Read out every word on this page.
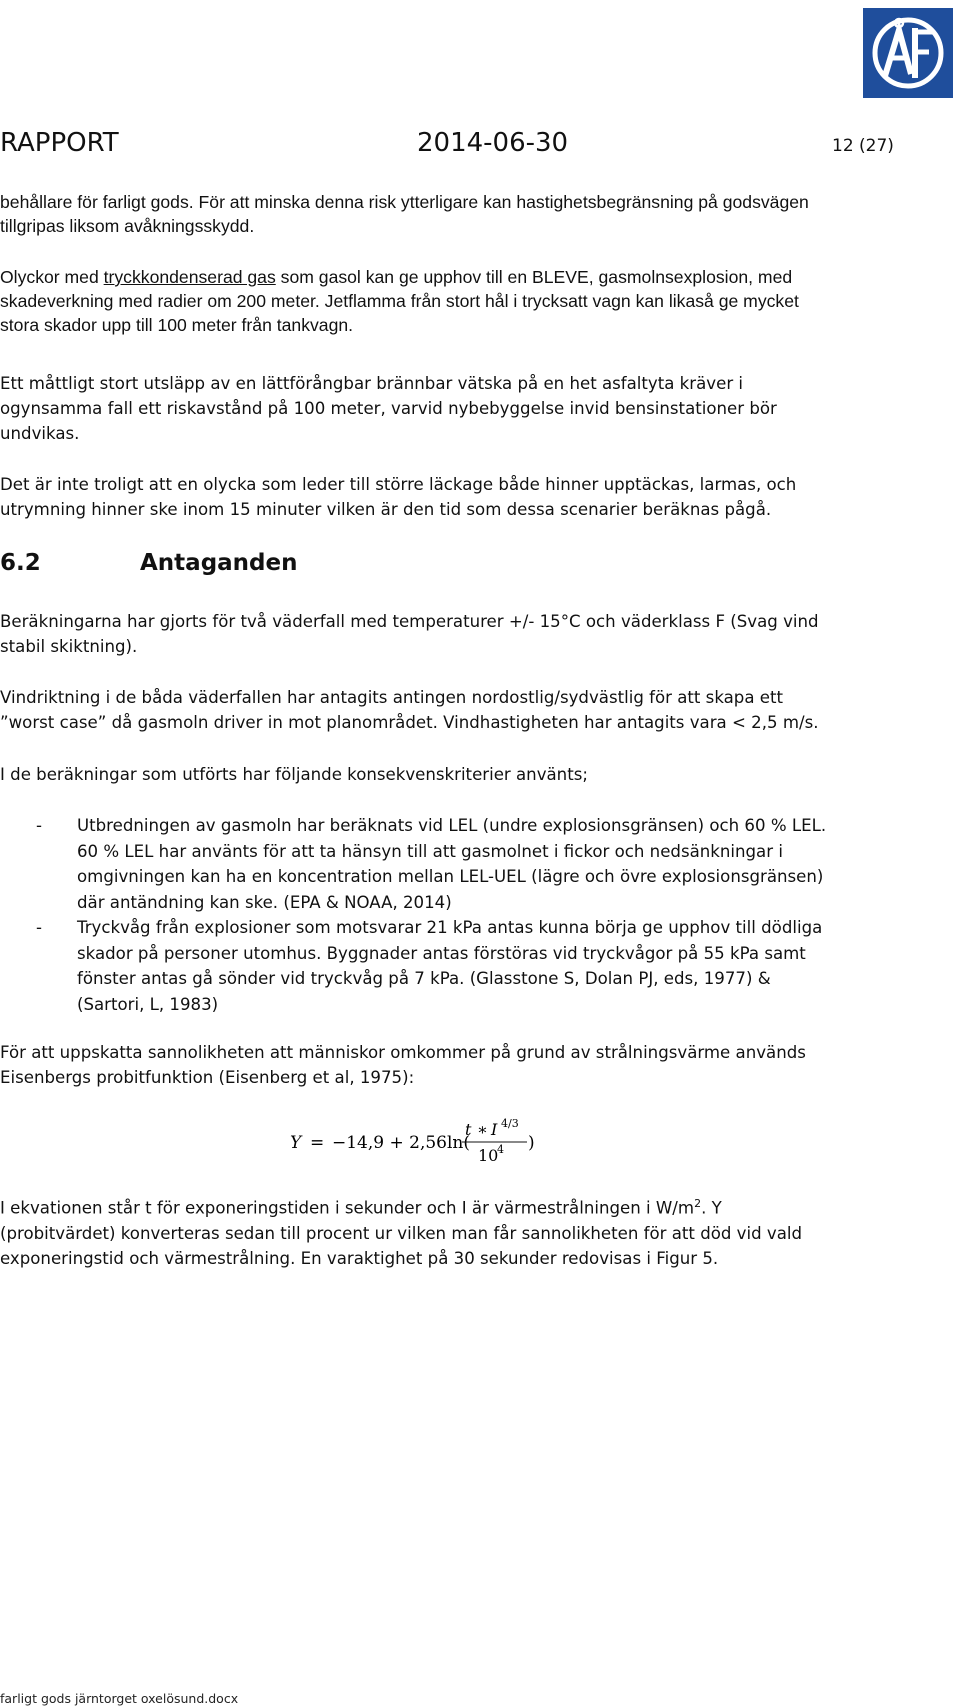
RAPPORT	2014-06-30	12 (27)

behållare för farligt gods. För att minska denna risk ytterligare kan hastighetsbegränsning på godsvägen tillgripas liksom avåkningsskydd.

Olyckor med tryckkondenserad gas som gasol kan ge upphov till en BLEVE, gasmolnsexplosion, med skadeverkning med radier om 200 meter. Jetflamma från stort hål i trycksatt vagn kan likaså ge mycket stora skador upp till 100 meter från tankvagn.

Ett måttligt stort utsläpp av en lättförångbar brännbar vätska på en het asfaltyta kräver i ogynsamma fall ett riskavstånd på 100 meter, varvid nybebyggelse invid bensinstationer bör undvikas.

Det är inte troligt att en olycka som leder till större läckage både hinner upptäckas, larmas, och utrymning hinner ske inom 15 minuter vilken är den tid som dessa scenarier beräknas pågå.

6.2	Antaganden

Beräkningarna har gjorts för två väderfall med temperaturer +/- 15°C och väderklass F (Svag vind stabil skiktning).

Vindriktning i de båda väderfallen har antagits antingen nordostlig/sydvästlig för att skapa ett ”worst case” då gasmoln driver in mot planområdet. Vindhastigheten har antagits vara < 2,5 m/s.

I de beräkningar som utförts har följande konsekvenskriterier använts;

- Utbredningen av gasmoln har beräknats vid LEL (undre explosionsgränsen) och 60 % LEL. 60 % LEL har använts för att ta hänsyn till att gasmolnet i fickor och nedsänkningar i omgivningen kan ha en koncentration mellan LEL-UEL (lägre och övre explosionsgränsen) där antändning kan ske. (EPA & NOAA, 2014)
- Tryckvåg från explosioner som motsvarar 21 kPa antas kunna börja ge upphov till dödliga skador på personer utomhus. Byggnader antas förstöras vid tryckvågor på 55 kPa samt fönster antas gå sönder vid tryckvåg på 7 kPa. (Glasstone S, Dolan PJ, eds, 1977) & (Sartori, L, 1983)

För att uppskatta sannolikheten att människor omkommer på grund av strålningsvärme används Eisenbergs probitfunktion (Eisenberg et al, 1975):

Y = −14,9 + 2,56ln(
t ∗ I 4/3
10
4 )

I ekvationen står t för exponeringstiden i sekunder och I är värmestrålningen i $W/m^2$. Y (probitvärdet) konverteras sedan till procent ur vilken man får sannolikheten för att död vid vald exponeringstid och värmestrålning. En varaktighet på 30 sekunder redovisas i Figur 5.

farligt gods järntorget oxelösund.docx
